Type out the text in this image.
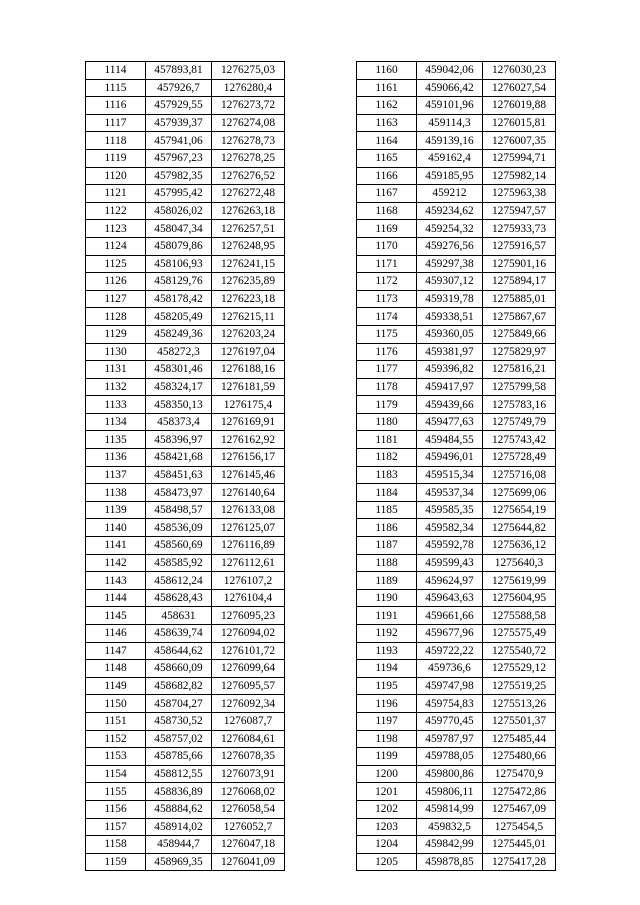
1114	457893,81	1276275,03
1115	457926,7	1276280,4
1116	457929,55	1276273,72
1117	457939,37	1276274,08
1118	457941,06	1276278,73
1119	457967,23	1276278,25
1120	457982,35	1276276,52
1121	457995,42	1276272,48
1122	458026,02	1276263,18
1123	458047,34	1276257,51
1124	458079,86	1276248,95
1125	458106,93	1276241,15
1126	458129,76	1276235,89
1127	458178,42	1276223,18
1128	458205,49	1276215,11
1129	458249,36	1276203,24
1130	458272,3	1276197,04
1131	458301,46	1276188,16
1132	458324,17	1276181,59
1133	458350,13	1276175,4
1134	458373,4	1276169,91
1135	458396,97	1276162,92
1136	458421,68	1276156,17
1137	458451,63	1276145,46
1138	458473,97	1276140,64
1139	458498,57	1276133,08
1140	458536,09	1276125,07
1141	458560,69	1276116,89
1142	458585,92	1276112,61
1143	458612,24	1276107,2
1144	458628,43	1276104,4
1145	458631	1276095,23
1146	458639,74	1276094,02
1147	458644,62	1276101,72
1148	458660,09	1276099,64
1149	458682,82	1276095,57
1150	458704,27	1276092,34
1151	458730,52	1276087,7
1152	458757,02	1276084,61
1153	458785,66	1276078,35
1154	458812,55	1276073,91
1155	458836,89	1276068,02
1156	458884,62	1276058,54
1157	458914,02	1276052,7
1158	458944,7	1276047,18
1159	458969,35	1276041,09
1160	459042,06	1276030,23
1161	459066,42	1276027,54
1162	459101,96	1276019,88
1163	459114,3	1276015,81
1164	459139,16	1276007,35
1165	459162,4	1275994,71
1166	459185,95	1275982,14
1167	459212	1275963,38
1168	459234,62	1275947,57
1169	459254,32	1275933,73
1170	459276,56	1275916,57
1171	459297,38	1275901,16
1172	459307,12	1275894,17
1173	459319,78	1275885,01
1174	459338,51	1275867,67
1175	459360,05	1275849,66
1176	459381,97	1275829,97
1177	459396,82	1275816,21
1178	459417,97	1275799,58
1179	459439,66	1275783,16
1180	459477,63	1275749,79
1181	459484,55	1275743,42
1182	459496,01	1275728,49
1183	459515,34	1275716,08
1184	459537,34	1275699,06
1185	459585,35	1275654,19
1186	459582,34	1275644,82
1187	459592,78	1275636,12
1188	459599,43	1275640,3
1189	459624,97	1275619,99
1190	459643,63	1275604,95
1191	459661,66	1275588,58
1192	459677,96	1275575,49
1193	459722,22	1275540,72
1194	459736,6	1275529,12
1195	459747,98	1275519,25
1196	459754,83	1275513,26
1197	459770,45	1275501,37
1198	459787,97	1275485,44
1199	459788,05	1275480,66
1200	459800,86	1275470,9
1201	459806,11	1275472,86
1202	459814,99	1275467,09
1203	459832,5	1275454,5
1204	459842,99	1275445,01
1205	459878,85	1275417,28
